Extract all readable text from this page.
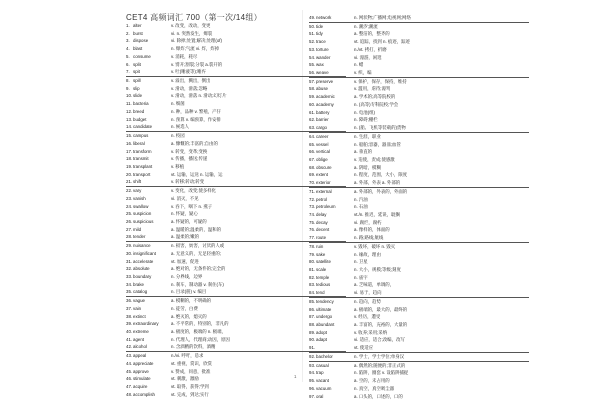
CET4 高频词汇 700（第一次/14组）
1. alter	v. 改变，改动，变更
2. burst	vi. n. 突然发生，爆裂
3. dispose	vi. 除掉;处置;解决;处理(of)
4. blast	n. 爆炸;气流 vi. 炸，炸掉
5. consume	v. 消耗，耗尽
6. split	v. 劈开;割裂;分裂 a.裂开的
7. spit	v. 吐(唾液等);唾弃
8. spill	v. 溢出，溅出，倒出
9. slip	v. 滑动，滑落;忽略
10.slide	v. 滑动，滑落 n. 滑动;幻灯片
11.bacteria	n. 细菌
12.breed	n. 种，品种 v. 繁殖，产仔
13.budget	n. 预算 v. 编预算，作安排
14.candidate	n. 候选人
15.campus	n. 校园
16.liberal	a. 慷慨的;丰富的;自由的
17.transform	v. 转变，变革;变换
18.transmit	v. 传播，播送;传递
19.transplant	v. 移植
20.transport	vt. 运输，运送 n. 运输，运
21.shift	v. 转移;转动;转变
22.vary	v. 变化，改变;使多样化
23.vanish	vi. 消灭，不见
24.swallow	v. 吞下，咽下 n. 燕子
25.suspicion	n. 怀疑，疑心
26.suspicious	a. 怀疑的，可疑的
27.mild	a. 温暖的;温柔的，温和的
28.tender	a. 温柔的;嫩的
29.nuisance	n. 损害，妨害，讨厌的人或
30.insignificant	a. 无意义的，无足轻重的;
31.accelerate	vt. 加速，促进
32.absolute	a. 绝对的，无条件的;完全的
33.boundary	n. 分界线，边界
34.brake	n. 刹车，制动器 v. 刹住(车)
35.catalog	n. 目录(册) v. 编目
36.vague	a. 模糊的，不明确的
37.vain	n. 徒劳，白费
38.extinct	a. 绝灭的，熄灭的
39.extraordinary	a. 不平常的，特别的，非凡的
40.extreme	a. 极度的，极端的 n. 极端，
41.agent	n. 代理人，代理商;动因，原因
42.alcohol	n. 含酒精的饮料，酒精
43.appeal	n./vi. 呼吁，恳求
44.appreciate	vt. 重视，赏识，欣赏
45.approve	v. 赞成，同意，批准
46.stimulate	vt. 刺激，激励
47.acquire	vt. 取得，获得;学到
48.accomplish	vt. 完成，到达;实行
49.network	n. 网状物;广播网;电视网;网络
50.tide	n. 潮汐;潮流
51.tidy	a. 整洁的，整齐的
52.trace	vt. 追踪，找到 n. 痕迹，踪迹
53.torture	n./vt. 拷打，折磨
54.wander	vi. 漫游，闲逛
55.wax	n. 蜡
56.weave	v. 织，编
57.preserve	v. 保护，保存，保持，维持
58.abuse	v. 滥用，虐待;谩骂
59.academic	a. 学术的;高等院校的
60.academy	n. (高等)专科院校;学会
61.battery	n. 电池(组)
62.barrier	n. 障碍;棚栏
63.cargo	n. (船、飞机等装载的)货物
64.career	n. 生涯，职业
65.vessel	n. 船舶;容器，器皿;血管
66.vertical	a. 垂直的
67.oblige	v. 迫使，责成;使感激
68.obscure	a. 阴暗，模糊
69.extent	n. 程度，范围，大小，限度
70.exterior	a. 外部，外表 a. 外部的
71.external	a. 外部的，外表的，外面的
72.petrol	n. 汽油
73.petroleum	n. 石油
74.delay	vt./n. 推迟，延误，耽搁
75.decay	vi. 腐烂，腐朽
76.decent	a. 像样的，体面的
77.route	n. 路;路线;航线
78.ruin	v. 毁坏，破坏 n. 毁灭
79.sake	n. 缘故，理由
80.satellite	n. 卫星
81.scale	n. 大小，规模;等级;刻度
82.temple	n. 庙宇
83.tedious	a. 乏味道，单调的，
84.tend	vi. 易于，趋向
85.tendency	n. 趋向，趋势
86.ultimate	a. 极端的，最大的，最终的
87.undergo	v. 经历，遭受
88.abundant	a. 丰富的，充裕的，大量的
89.adopt	v. 收养;采用;采纳
90.adapt	vi. 适应，适合;改编，改写
91.	vt. 使适应
92.bachelor	n. 学士，学士学位;单身汉
93.casual	a. 偶然的;随便的;非正式的
94.trap	n. 陷阱，圈套 v. 设陷阱捕捉
95.vacant	a. 空的，未占用的
96.vacuum	n. 真空，真空吸尘器
97.oral	a. 口头的，口述的，口的
1
